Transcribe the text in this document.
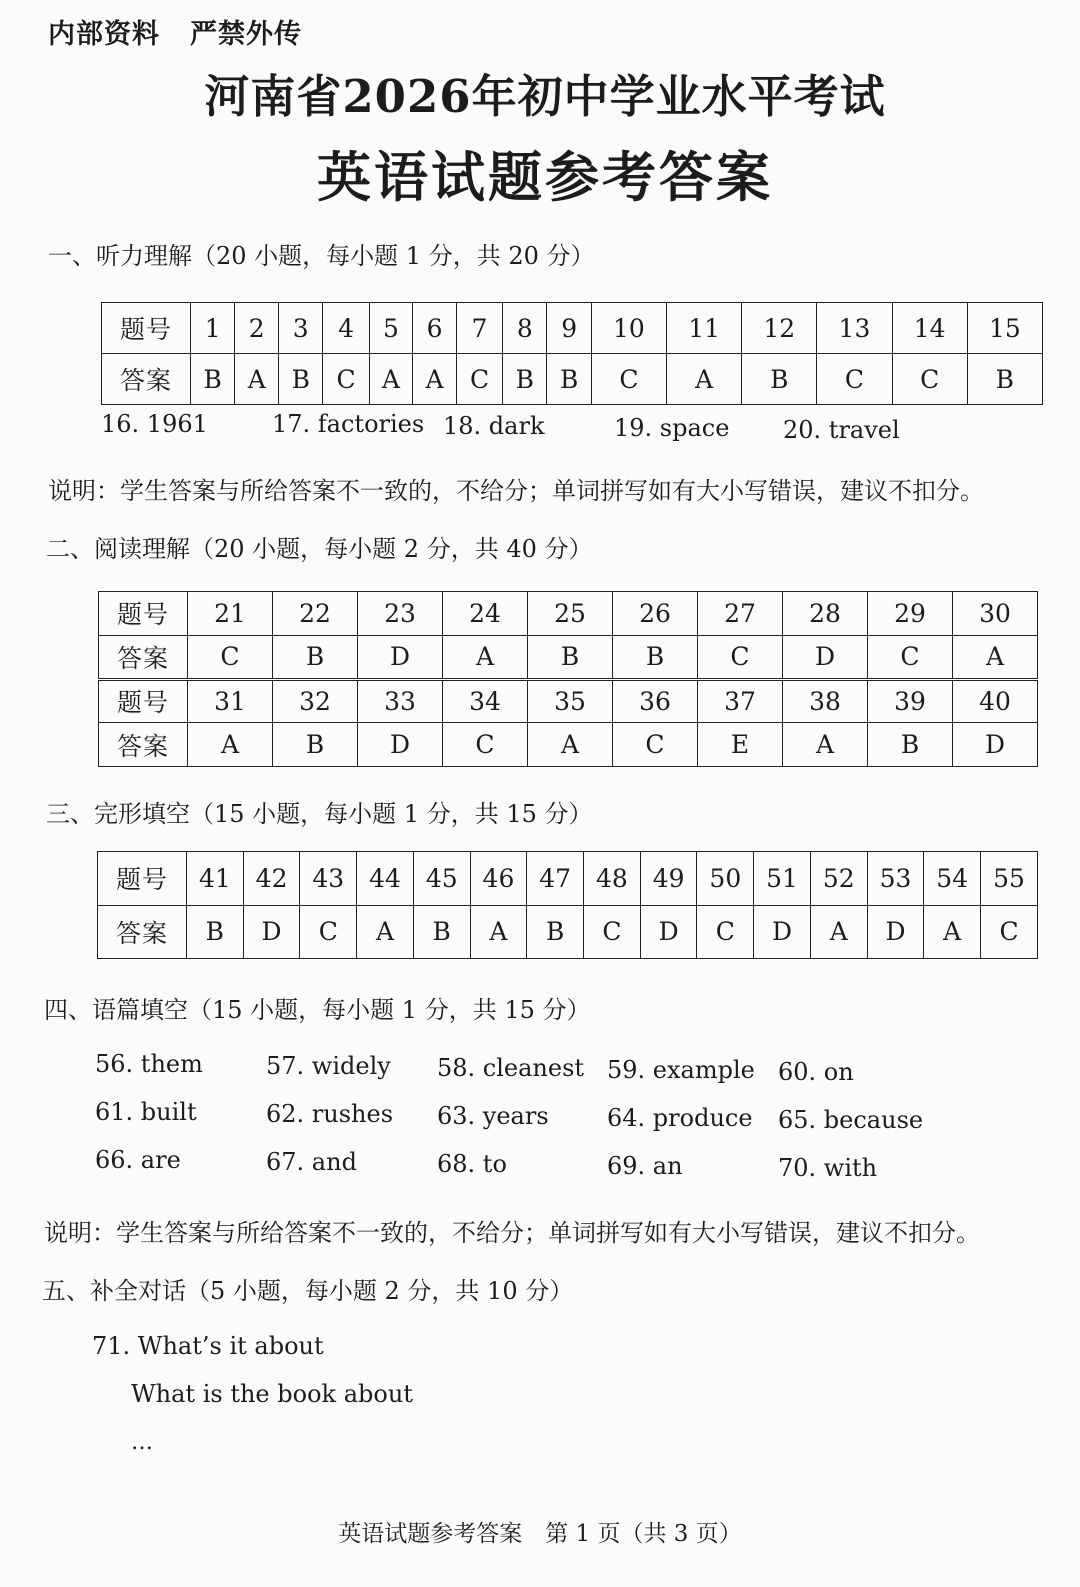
内部资料 严禁外传
河南省2026年初中学业水平考试
英语试题参考答案
一、听力理解（20 小题，每小题 1 分，共 20 分）
题号	1	2	3	4	5	6	7	8	9	10	11	12	13	14	15
答案	B	A	B	C	A	A	C	B	B	C	A	B	C	C	B
16. 1961	17. factories 18. dark	19. space 20. travel
说明：学生答案与所给答案不一致的，不给分；单词拼写如有大小写错误，建议不扣分。
二、阅读理解（20 小题，每小题 2 分，共 40 分）
题号	21	22	23	24	25	26	27	28	29	30
答案	C	B	D	A	B	B	C	D	C	A
题号	31	32	33	34	35	36	37	38	39	40
答案	A	B	D	C	A	C	E	A	B	D
三、完形填空（15 小题，每小题 1 分，共 15 分）
题号	41	42	43	44	45	46	47	48	49	50	51	52	53	54	55
答案	B	D	C	A	B	A	B	C	D	C	D	A	D	A	C
四、语篇填空（15 小题，每小题 1 分，共 15 分）
56. them	57. widely 58. cleanest 59. example 60. on
61. built	62. rushes 63. years 64. produce 65. because
66. are	67. and	68. to	69. an	70. with
说明：学生答案与所给答案不一致的，不给分；单词拼写如有大小写错误，建议不扣分。
五、补全对话（5 小题，每小题 2 分，共 10 分）
71. What’s it about
What is the book about
…
英语试题参考答案　第 1 页（共 3 页）
